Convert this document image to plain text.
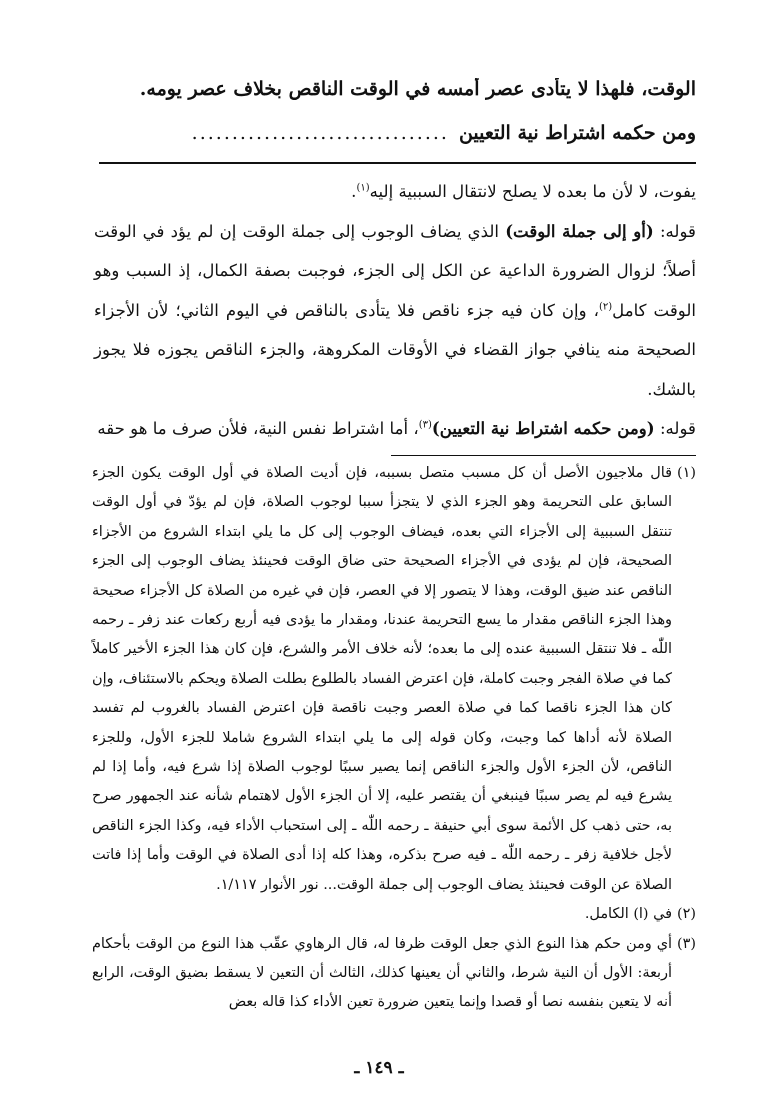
الوقت، فلهذا لا يتأدى عصر أمسه في الوقت الناقص بخلاف عصر يومه.
ومن حكمه اشتراط نية التعيين
................................

يفوت، لا لأن ما بعده لا يصلح لانتقال السببية إليه$^{(١)}$.

قوله: (أو إلى جملة الوقت) الذي يضاف الوجوب إلى جملة الوقت إن لم يؤد في الوقت أصلاً؛ لزوال الضرورة الداعية عن الكل إلى الجزء، فوجبت بصفة الكمال، إذ السبب وهو الوقت كامل$^{(٢)}$، وإن كان فيه جزء ناقص فلا يتأدى بالناقص في اليوم الثاني؛ لأن الأجزاء الصحيحة منه ينافي جواز القضاء في الأوقات المكروهة، والجزء الناقص يجوزه فلا يجوز بالشك.

قوله: (ومن حكمه اشتراط نية التعيين)$^{(٣)}$، أما اشتراط نفس النية، فلأن صرف ما هو حقه

(١)
قال ملاجيون الأصل أن كل مسبب متصل بسببه، فإن أديت الصلاة في أول الوقت يكون الجزء السابق على التحريمة وهو الجزء الذي لا يتجزأ سببا لوجوب الصلاة، فإن لم يؤدّ في أول الوقت تنتقل السببية إلى الأجزاء التي بعده، فيضاف الوجوب إلى كل ما يلي ابتداء الشروع من الأجزاء الصحيحة، فإن لم يؤدى في الأجزاء الصحيحة حتى ضاق الوقت فحينئذ يضاف الوجوب إلى الجزء الناقص عند ضيق الوقت، وهذا لا يتصور إلا في العصر، فإن في غيره من الصلاة كل الأجزاء صحيحة وهذا الجزء الناقص مقدار ما يسع التحريمة عندنا، ومقدار ما يؤدى فيه أربع ركعات عند زفر ـ رحمه اللّٰه ـ فلا تنتقل السببية عنده إلى ما بعده؛ لأنه خلاف الأمر والشرع، فإن كان هذا الجزء الأخير كاملاً كما في صلاة الفجر وجبت كاملة، فإن اعترض الفساد بالطلوع بطلت الصلاة ويحكم بالاستئناف، وإن كان هذا الجزء ناقصا كما في صلاة العصر وجبت ناقصة فإن اعترض الفساد بالغروب لم تفسد الصلاة لأنه أداها كما وجبت، وكان قوله إلى ما يلي ابتداء الشروع شاملا للجزء الأول، وللجزء الناقص، لأن الجزء الأول والجزء الناقص إنما يصير سببًا لوجوب الصلاة إذا شرع فيه، وأما إذا لم يشرع فيه لم يصر سببًا فينبغي أن يقتصر عليه، إلا أن الجزء الأول لاهتمام شأنه عند الجمهور صرح به، حتى ذهب كل الأئمة سوى أبي حنيفة ـ رحمه اللّٰه ـ إلى استحباب الأداء فيه، وكذا الجزء الناقص لأجل خلافية زفر ـ رحمه اللّٰه ـ فيه صرح بذكره، وهذا كله إذا أدى الصلاة في الوقت وأما إذا فاتت الصلاة عن الوقت فحينئذ يضاف الوجوب إلى جملة الوقت... نور الأنوار ١/١١٧.

(٢)
في (ا) الكامل.

(٣)
أي ومن حكم هذا النوع الذي جعل الوقت ظرفا له، قال الرهاوي عقّب هذا النوع من الوقت بأحكام أربعة: الأول أن النية شرط، والثاني أن يعينها كذلك، الثالث أن التعين لا يسقط بضيق الوقت، الرابع أنه لا يتعين بنفسه نصا أو قصدا وإنما يتعين ضرورة تعين الأداء كذا قاله بعض

ـ ١٤٩ ـ
